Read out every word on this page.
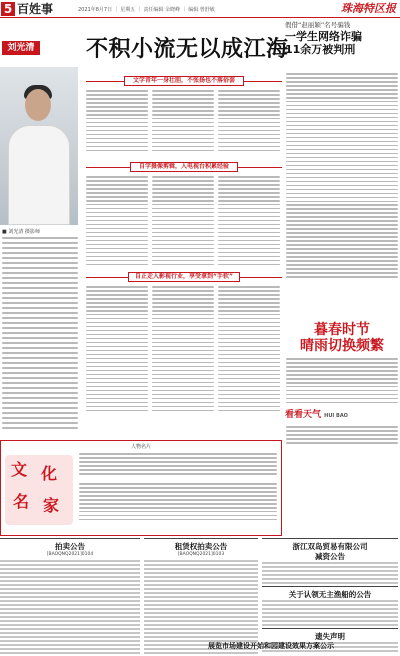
5 百姓事	2021年8月7日 ｜ 星期五 ｜ 责任编辑 余晓峰 ｜ 编辑 曾舒敏	珠海特区报
刘光清
■ 刘光清 摄影师
不积小流无以成江海
文学青年一身壮胆，不张扬也不落俗套
自学摄像剪辑，入电视台积累经验
自正走入影视行业，享受拿到“手软”
假借“赵丽颖”名号骗钱
一学生网络诈骗
11余万被判刑
暮春时节
晴雨切换频繁
看看天气 HUI BAO
人物名片
文 化
名 家
拍卖公告
[BAOQNQ2021]0104
租赁权拍卖公告
[BAOQNQ2021]0103
浙江双岛贸易有限公司
减资公告
关于认领无主渔船的公告
遗失声明
展览市场建设开始和园建设效果方案公示
